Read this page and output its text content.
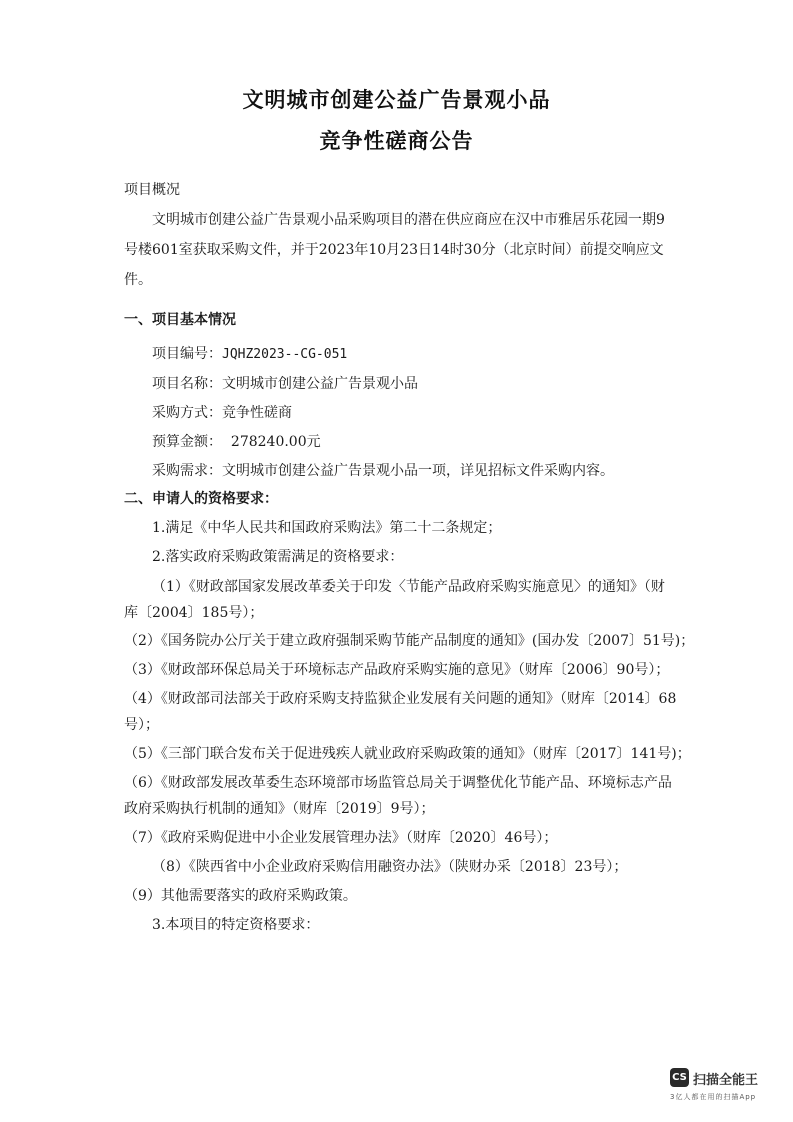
文明城市创建公益广告景观小品
竞争性磋商公告
项目概况
文明城市创建公益广告景观小品采购项目的潜在供应商应在汉中市雅居乐花园一期9
号楼601室获取采购文件，并于2023年10月23日14时30分（北京时间）前提交响应文
件。
一、项目基本情况
项目编号：JQHZ2023--CG-051
项目名称：文明城市创建公益广告景观小品
采购方式：竞争性磋商
预算金额： 278240.00元
采购需求：文明城市创建公益广告景观小品一项，详见招标文件采购内容。
二、申请人的资格要求：
1.满足《中华人民共和国政府采购法》第二十二条规定；
2.落实政府采购政策需满足的资格要求：
（1）《财政部国家发展改革委关于印发〈节能产品政府采购实施意见〉的通知》（财
库〔2004〕185号）；
（2）《国务院办公厅关于建立政府强制采购节能产品制度的通知》(国办发〔2007〕51号)；
（3）《财政部环保总局关于环境标志产品政府采购实施的意见》（财库〔2006〕90号）；
（4）《财政部司法部关于政府采购支持监狱企业发展有关问题的通知》（财库〔2014〕68
号）；
（5）《三部门联合发布关于促进残疾人就业政府采购政策的通知》（财库〔2017〕141号)；
（6）《财政部发展改革委生态环境部市场监管总局关于调整优化节能产品、环境标志产品
政府采购执行机制的通知》（财库〔2019〕9号）；
（7）《政府采购促进中小企业发展管理办法》（财库〔2020〕46号）；
（8）《陕西省中小企业政府采购信用融资办法》（陕财办采〔2018〕23号）；
（9）其他需要落实的政府采购政策。
3.本项目的特定资格要求：
CS 扫描全能王
3亿人都在用的扫描App
